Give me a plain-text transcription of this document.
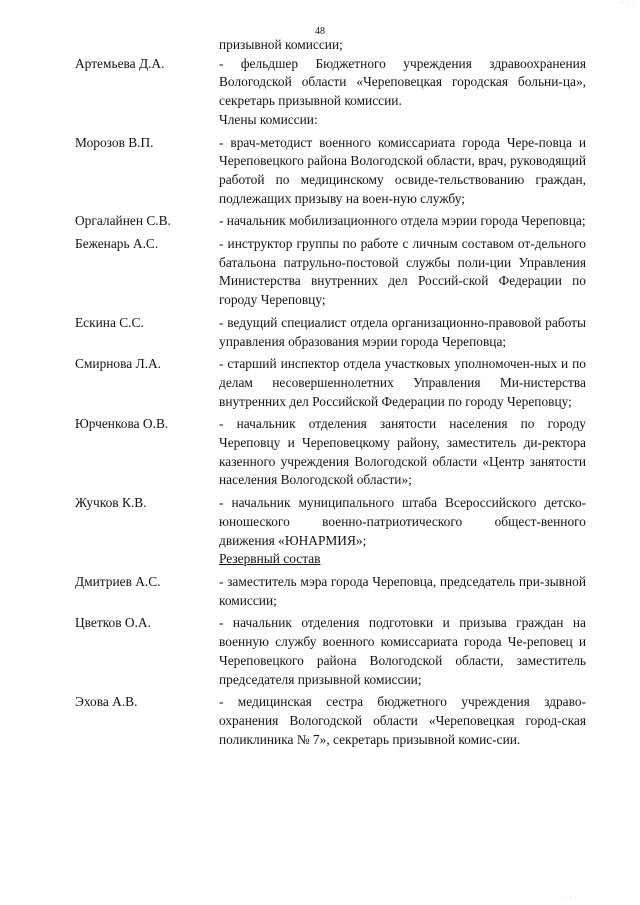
·· · ·
48
призывной комиссии;
Артемьева Д.А.	- фельдшер Бюджетного учреждения здравоохранения Вологодской области «Череповецкая городская больни-ца», секретарь призывной комиссии.
Члены комиссии:
Морозов В.П.	- врач-методист военного комиссариата города Чере-повца и Череповецкого района Вологодской области, врач, руководящий работой по медицинскому освиде-тельствованию граждан, подлежащих призыву на воен-ную службу;
Оргалайнен С.В.	- начальник мобилизационного отдела мэрии города Череповца;
Беженарь А.С.	- инструктор группы по работе с личным составом от-дельного батальона патрульно-постовой службы поли-ции Управления Министерства внутренних дел Россий-ской Федерации по городу Череповцу;
Ескина С.С.	- ведущий специалист отдела организационно-правовой работы управления образования мэрии города Череповца;
Смирнова Л.А.	- старший инспектор отдела участковых уполномочен-ных и по делам несовершеннолетних Управления Ми-нистерства внутренних дел Российской Федерации по городу Череповцу;
Юрченкова О.В.	- начальник отделения занятости населения по городу Череповцу и Череповецкому району, заместитель ди-ректора казенного учреждения Вологодской области «Центр занятости населения Вологодской области»;
Жучков К.В.	- начальник муниципального штаба Всероссийского детско-юношеского военно-патриотического общест-венного движения «ЮНАРМИЯ»;
Резервный состав
Дмитриев А.С.	- заместитель мэра города Череповца, председатель при-зывной комиссии;
Цветков О.А.	- начальник отделения подготовки и призыва граждан на военную службу военного комиссариата города Че-реповец и Череповецкого района Вологодской области, заместитель председателя призывной комиссии;
Эхова А.В.	- медицинская сестра бюджетного учреждения здраво-охранения Вологодской области «Череповецкая город-ская поликлиника № 7», секретарь призывной комис-сии.
·· · ·
